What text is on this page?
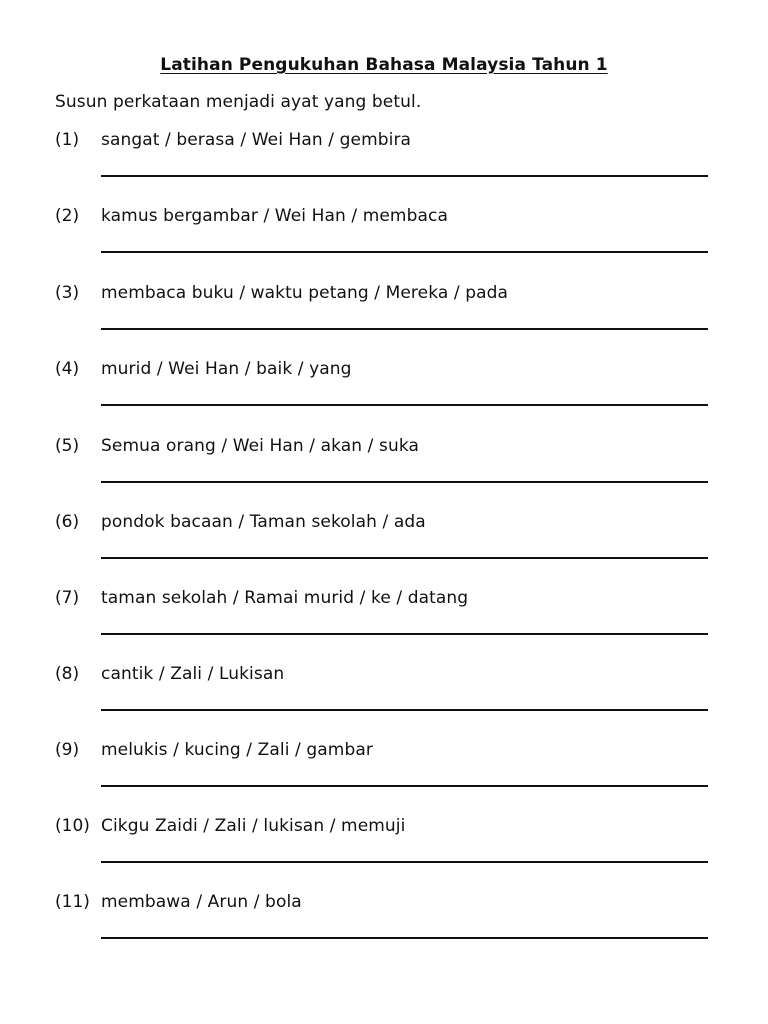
Latihan Pengukuhan Bahasa Malaysia Tahun 1
Susun perkataan menjadi ayat yang betul.
(1) sangat / berasa / Wei Han / gembira
(2) kamus bergambar / Wei Han / membaca
(3) membaca buku / waktu petang / Mereka / pada
(4) murid / Wei Han / baik / yang
(5) Semua orang / Wei Han / akan / suka
(6) pondok bacaan / Taman sekolah / ada
(7) taman sekolah / Ramai murid / ke / datang
(8) cantik / Zali / Lukisan
(9) melukis / kucing / Zali / gambar
(10) Cikgu Zaidi / Zali / lukisan / memuji
(11) membawa / Arun / bola
